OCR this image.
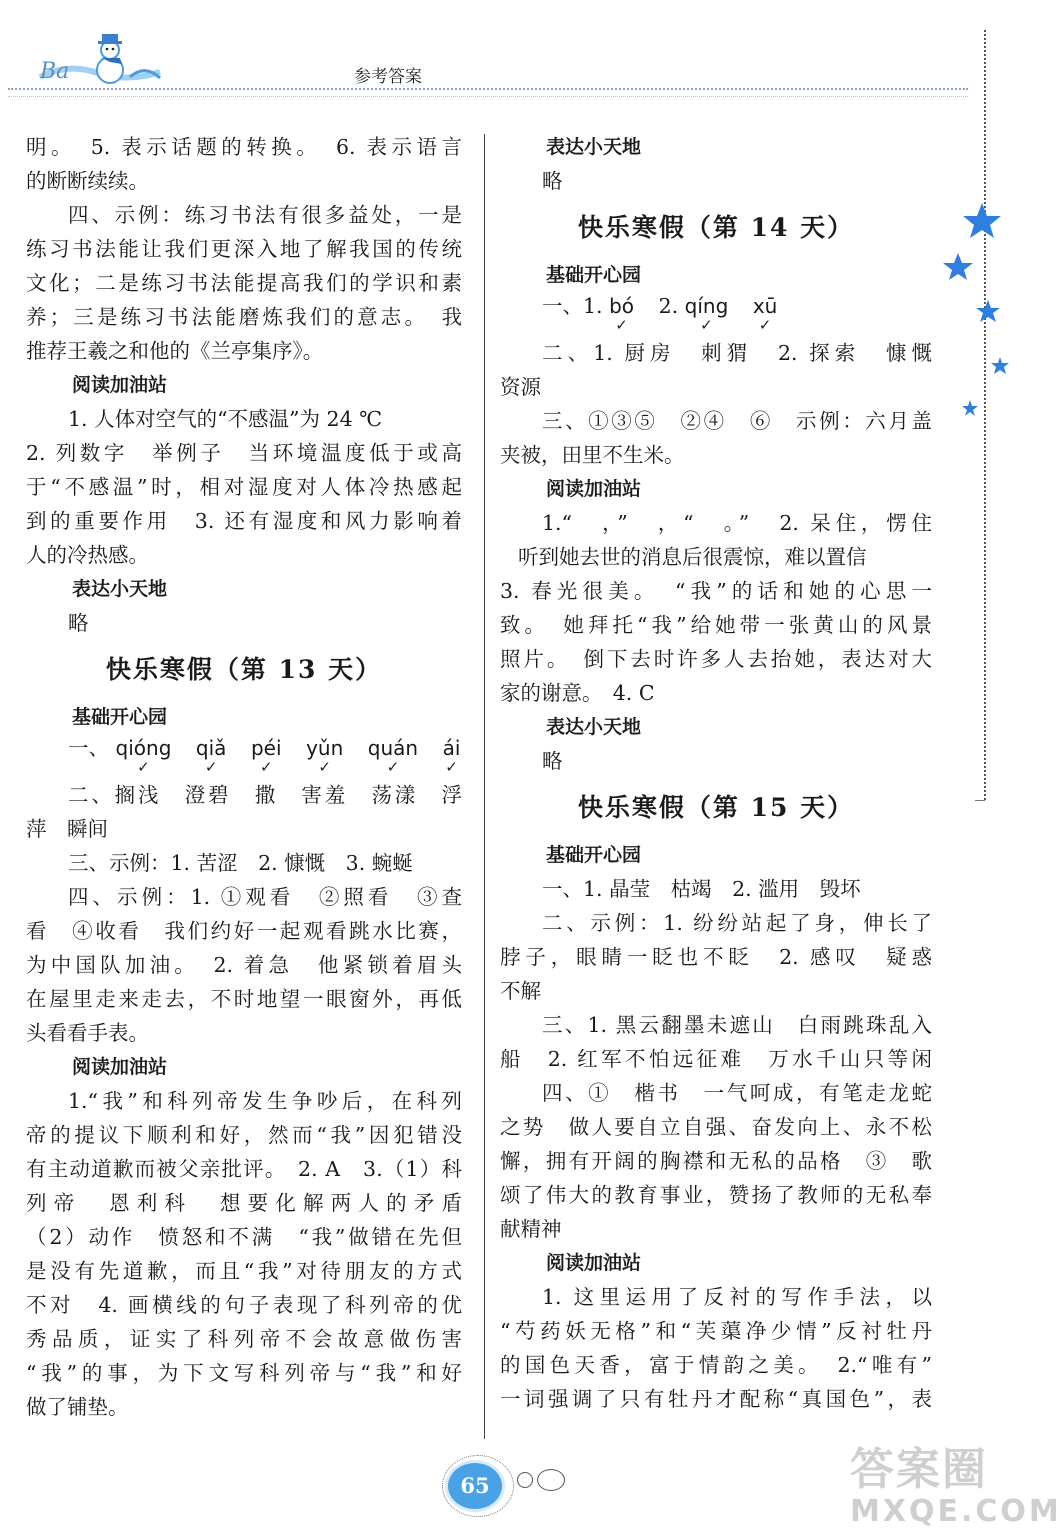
Ba	参考答案
明。　5. 表示话题的转换。　6. 表示语言
的断断续续。
四、示例：练习书法有很多益处，一是
练习书法能让我们更深入地了解我国的传统
文化；二是练习书法能提高我们的学识和素
养；三是练习书法能磨炼我们的意志。　我
推荐王羲之和他的《兰亭集序》。
阅读加油站
1. 人体对空气的“不感温”为 24 ℃
2. 列数字　举例子　当环境温度低于或高
于“不感温”时，相对湿度对人体冷热感起
到的重要作用　3. 还有湿度和风力影响着
人的冷热感。
表达小天地
略
快乐寒假（第 13 天）
基础开心园
一、 qióng
✓
qiǎ
✓
péi
✓
yǔn
✓
quán
✓
ái
✓
二、搁浅　澄碧　撒　害羞　荡漾　浮
萍　瞬间
三、示例：1. 苦涩　2. 慷慨　3. 蜿蜒
四、示例：1. ①观看　②照看　③查
看　④收看　我们约好一起观看跳水比赛，
为中国队加油。　2. 着急　他紧锁着眉头
在屋里走来走去，不时地望一眼窗外，再低
头看看手表。
阅读加油站
1.“我”和科列帝发生争吵后，在科列
帝的提议下顺利和好，然而“我”因犯错没
有主动道歉而被父亲批评。　2. A　3.（1）科
列帝　恩利科　想要化解两人的矛盾
（2）动作　愤怒和不满　“我”做错在先但
是没有先道歉，而且“我”对待朋友的方式
不对　4. 画横线的句子表现了科列帝的优
秀品质，证实了科列帝不会故意做伤害
“我”的事，为下文写科列帝与“我”和好
做了铺垫。
表达小天地
略
快乐寒假（第 14 天）
基础开心园
一、1. bó
✓
2. qíng
✓
xū
✓
二、1. 厨房　刺猬　2. 探索　慷慨
资源
三、①③⑤　②④　⑥　示例：六月盖
夹被，田里不生米。
阅读加油站
1.“　，”　，“　。”　2. 呆住，愣住
听到她去世的消息后很震惊，难以置信
3. 春光很美。　“我”的话和她的心思一
致。　她拜托“我”给她带一张黄山的风景
照片。　倒下去时许多人去抬她，表达对大
家的谢意。　4. C
表达小天地
略
快乐寒假（第 15 天）
基础开心园
一、1. 晶莹　枯竭　2. 滥用　毁坏
二、示例：1. 纷纷站起了身，伸长了
脖子，眼睛一眨也不眨　2. 感叹　疑惑
不解
三、1. 黑云翻墨未遮山　白雨跳珠乱入
船　2. 红军不怕远征难　万水千山只等闲
四、①　楷书　一气呵成，有笔走龙蛇
之势　做人要自立自强、奋发向上、永不松
懈，拥有开阔的胸襟和无私的品格　③　歌
颂了伟大的教育事业，赞扬了教师的无私奉
献精神
阅读加油站
1. 这里运用了反衬的写作手法，以
“芍药妖无格”和“芙蕖净少情”反衬牡丹
的国色天香，富于情韵之美。　2.“唯有”
一词强调了只有牡丹才配称“真国色”，表
65	答案圈
MXQE.COM
